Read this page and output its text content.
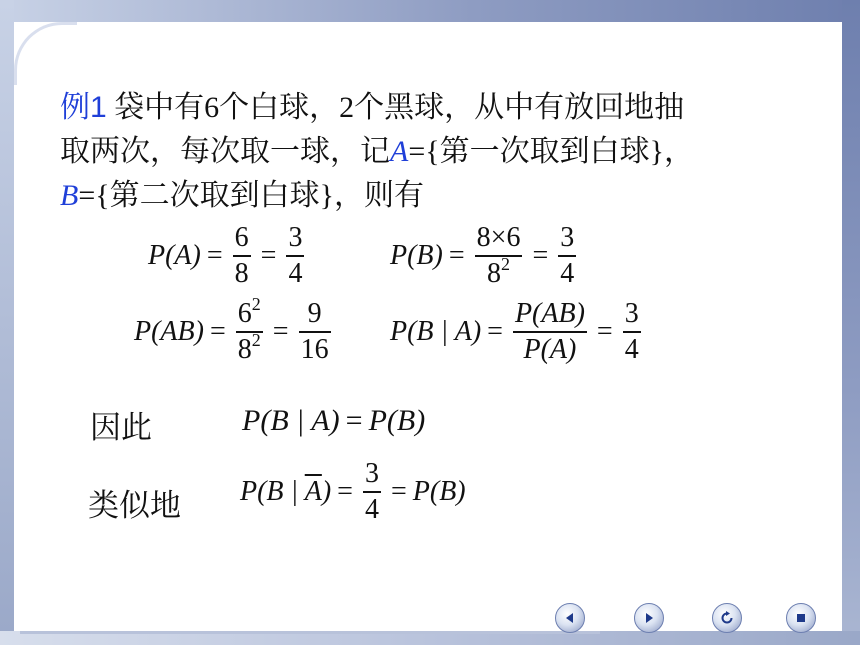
例1 袋中有6个白球，2个黑球，从中有放回地抽
取两次，每次取一球，记A={第一次取到白球}，
B={第二次取到白球}，则有
$P(A) = \frac{6}{8} = \frac{3}{4}$	$P(B) = \frac{8\times 6}{8^2} = \frac{3}{4}$
$P(AB) = \frac{6^2}{8^2} = \frac{9}{16} P(B$ | $A) = \frac{P(AB)}{P(A)} = \frac{3}{4}$
因此	P(B | A) = P(B)
类似地 P(B | $\overline{A}) = \frac{3}{4} = P(B)$
